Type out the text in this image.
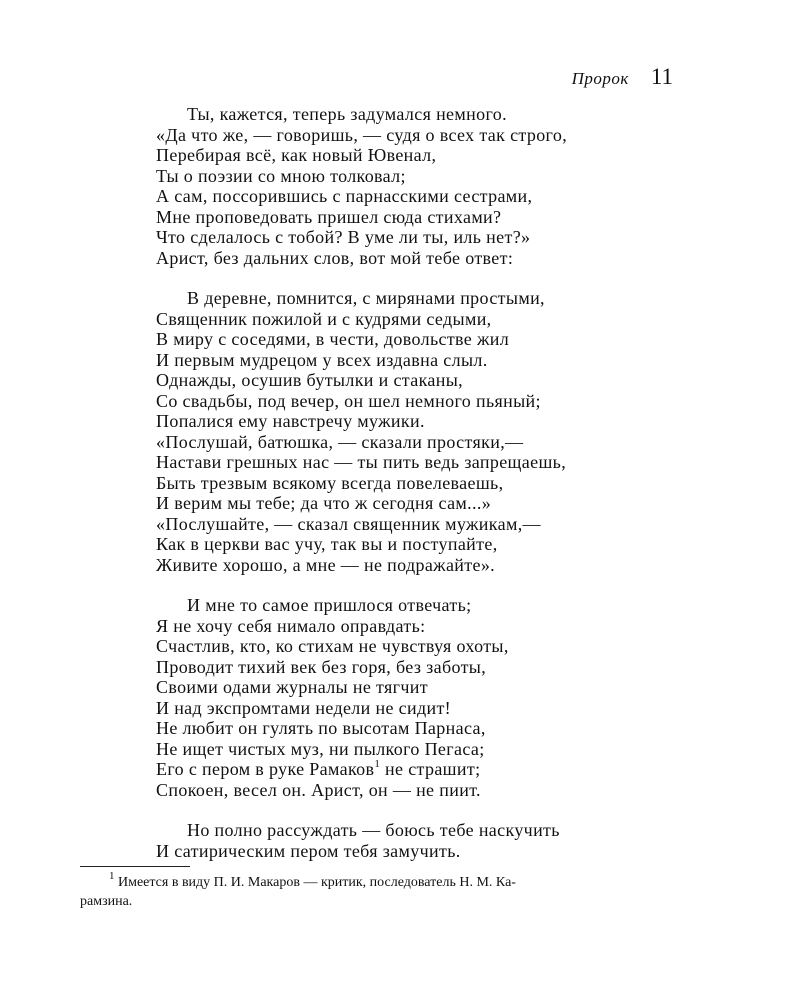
Пророк 11
Ты, кажется, теперь задумался немного.
«Да что же, — говоришь, — судя о всех так строго,
Перебирая всё, как новый Ювенал,
Ты о поэзии со мною толковал;
А сам, поссорившись с парнасскими сестрами,
Мне проповедовать пришел сюда стихами?
Что сделалось с тобой? В уме ли ты, иль нет?»
Арист, без дальних слов, вот мой тебе ответ:
В деревне, помнится, с мирянами простыми,
Священник пожилой и с кудрями седыми,
В миру с соседями, в чести, довольстве жил
И первым мудрецом у всех издавна слыл.
Однажды, осушив бутылки и стаканы,
Со свадьбы, под вечер, он шел немного пьяный;
Попалися ему навстречу мужики.
«Послушай, батюшка, — сказали простяки,—
Настави грешных нас — ты пить ведь запрещаешь,
Быть трезвым всякому всегда повелеваешь,
И верим мы тебе; да что ж сегодня сам...»
«Послушайте, — сказал священник мужикам,—
Как в церкви вас учу, так вы и поступайте,
Живите хорошо, а мне — не подражайте».
И мне то самое пришлося отвечать;
Я не хочу себя нимало оправдать:
Счастлив, кто, ко стихам не чувствуя охоты,
Проводит тихий век без горя, без заботы,
Своими одами журналы не тягчит
И над экспромтами недели не сидит!
Не любит он гулять по высотам Парнаса,
Не ищет чистых муз, ни пылкого Пегаса;
Его с пером в руке Рамаков$^1$ не страшит;
Спокоен, весел он. Арист, он — не пиит.
Но полно рассуждать — боюсь тебе наскучить
И сатирическим пером тебя замучить.
$^1$ Имеется в виду П. И. Макаров — критик, последователь Н. М. Ка-
рамзина.
